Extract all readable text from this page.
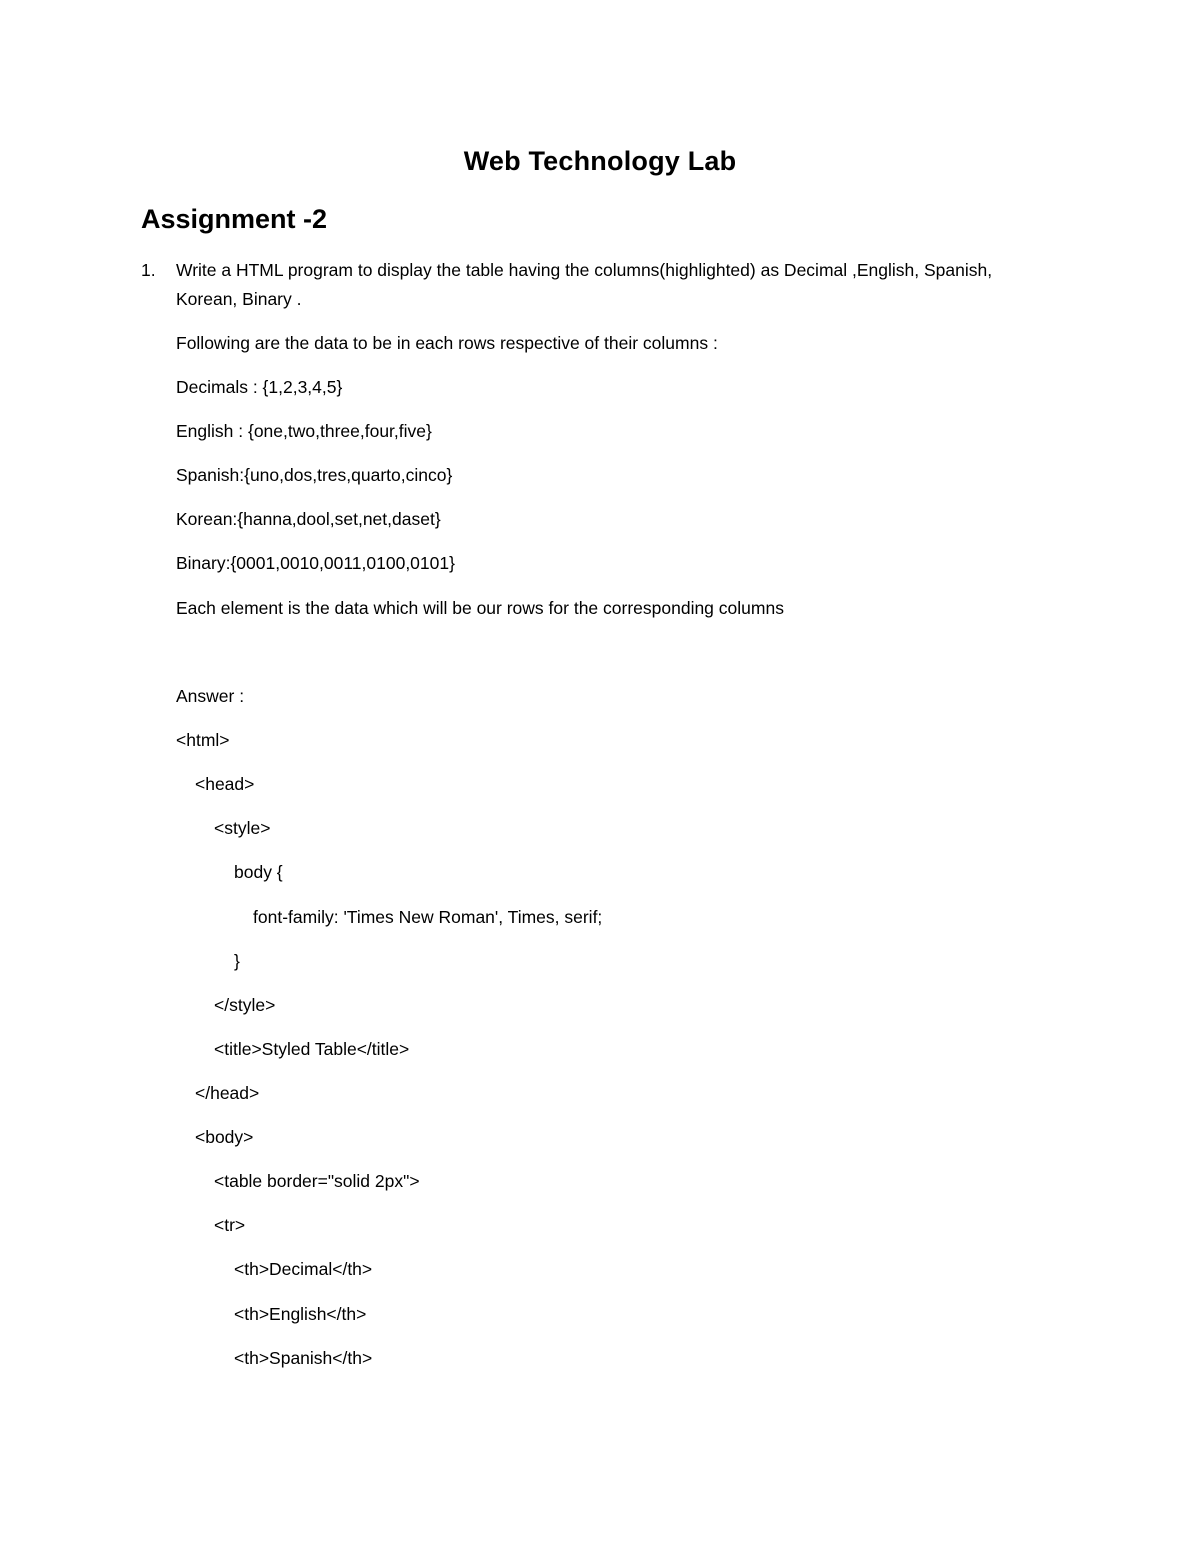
Web Technology Lab
Assignment -2
1. Write a HTML program to display the table having the columns(highlighted) as Decimal ,English, Spanish, Korean, Binary .

Following are the data to be in each rows respective of their columns :

Decimals : {1,2,3,4,5}

English : {one,two,three,four,five}

Spanish:{uno,dos,tres,quarto,cinco}

Korean:{hanna,dool,set,net,daset}

Binary:{0001,0010,0011,0100,0101}

Each element is the data which will be our rows for the corresponding columns

Answer :

<html>

<head>

<style>

body {

font-family: 'Times New Roman', Times, serif;

}

</style>

<title>Styled Table</title>

</head>

<body>

<table border="solid 2px">

<tr>

<th>Decimal</th>

<th>English</th>

<th>Spanish</th>
